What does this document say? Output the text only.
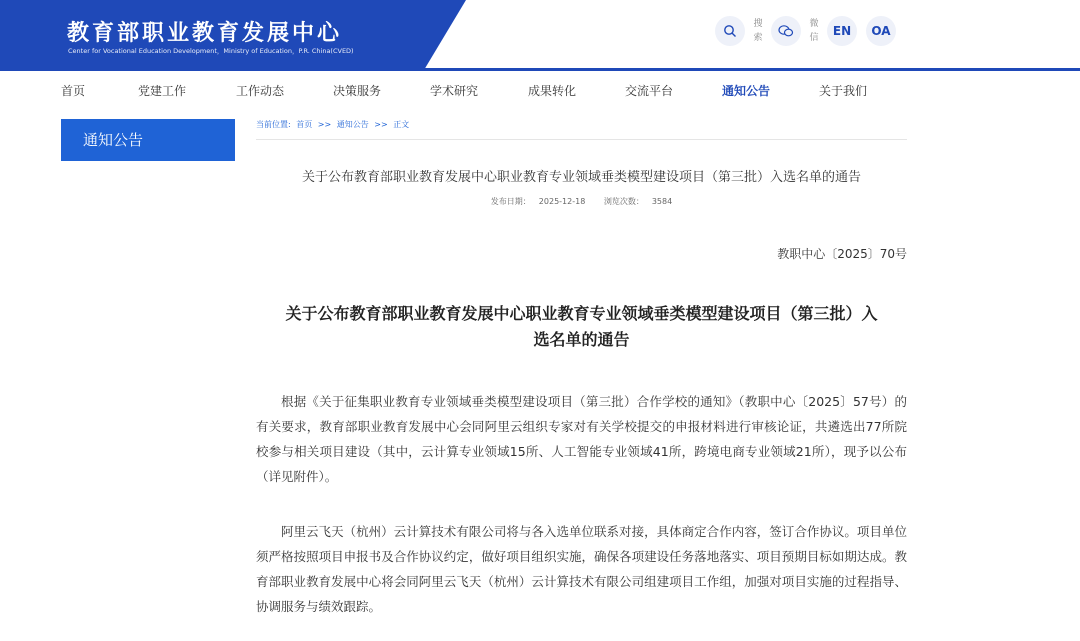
教育部职业教育发展中心
Center for Vocational Education Development，Ministry of Education，P.R. China(CVED)
搜索
微信	EN	OA
首页	党建工作	工作动态	决策服务	学术研究	成果转化	交流平台	通知公告	关于我们
通知公告
当前位置: 首页 >> 通知公告 >> 正文
关于公布教育部职业教育发展中心职业教育专业领域垂类模型建设项目（第三批）入选名单的通告
发布日期： 2025-12-18 浏览次数： 3584
教职中心〔2025〕70号
关于公布教育部职业教育发展中心职业教育专业领域垂类模型建设项目（第三批）入
选名单的通告
根据《关于征集职业教育专业领域垂类模型建设项目（第三批）合作学校的通知》（教职中心〔2025〕57号）的有关要求，教育部职业教育发展中心会同阿里云组织专家对有关学校提交的申报材料进行审核论证，共遴选出77所院校参与相关项目建设（其中，云计算专业领域15所、人工智能专业领域41所，跨境电商专业领域21所），现予以公布（详见附件）。
阿里云飞天（杭州）云计算技术有限公司将与各入选单位联系对接，具体商定合作内容，签订合作协议。项目单位须严格按照项目申报书及合作协议约定，做好项目组织实施，确保各项建设任务落地落实、项目预期目标如期达成。教育部职业教育发展中心将会同阿里云飞天（杭州）云计算技术有限公司组建项目工作组，加强对项目实施的过程指导、协调服务与绩效跟踪。
